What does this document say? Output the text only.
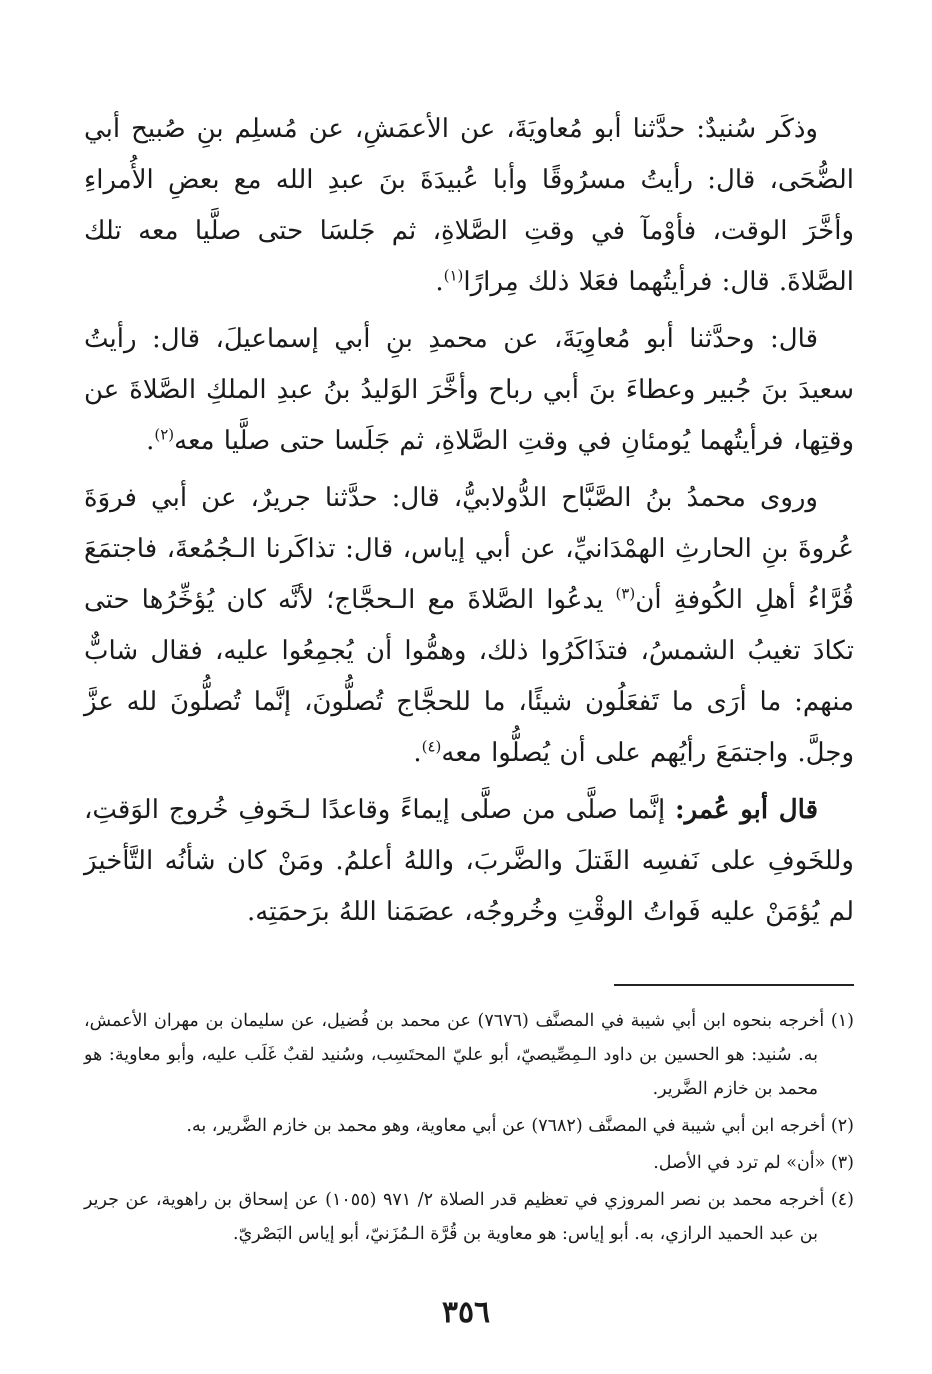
وذكَر سُنيدٌ: حدَّثنا أبو مُعاويَةَ، عن الأعمَشِ، عن مُسلِم بنِ صُبيح أبي الضُّحَى، قال: رأيتُ مسرُوقًا وأبا عُبيدَةَ بنَ عبدِ الله مع بعضِ الأُمراءِ وأخَّرَ الوقت، فأوْمآ في وقتِ الصَّلاةِ، ثم جَلسَا حتى صلَّيا معه تلك الصَّلاةَ. قال: فرأيتُهما فعَلا ذلك مِرارًا$^{(١)}$.

قال: وحدَّثنا أبو مُعاوِيَةَ، عن محمدِ بنِ أبي إسماعيلَ، قال: رأيتُ سعيدَ بنَ جُبير وعطاءَ بنَ أبي رباح وأخَّرَ الوَليدُ بنُ عبدِ الملكِ الصَّلاةَ عن وقتِها، فرأيتُهما يُومئانِ في وقتِ الصَّلاةِ، ثم جَلَسا حتى صلَّيا معه$^{(٢)}$.

وروى محمدُ بنُ الصَّبَّاح الدُّولابيُّ، قال: حدَّثنا جريرٌ، عن أبي فروَةَ عُروةَ بنِ الحارثِ الهمْدَانيِّ، عن أبي إياس، قال: تذاكَرنا الـجُمُعةَ، فاجتمَعَ قُرَّاءُ أهلِ الكُوفةِ أن$^{(٣)}$ يدعُوا الصَّلاةَ مع الـحجَّاج؛ لأنَّه كان يُؤخِّرُها حتى تكادَ تغيبُ الشمسُ، فتذَاكَرُوا ذلك، وهمُّوا أن يُجمِعُوا عليه، فقال شابٌّ منهم: ما أرَى ما تَفعَلُون شيئًا، ما للحجَّاج تُصلُّونَ، إنَّما تُصلُّونَ لله عزَّ وجلَّ. واجتمَعَ رأيُهم على أن يُصلُّوا معه$^{(٤)}$.

قال أبو عُمر: إنَّما صلَّى من صلَّى إيماءً وقاعدًا لـخَوفِ خُروج الوَقتِ، وللخَوفِ على نَفسِه القَتلَ والضَّربَ، واللهُ أعلمُ. ومَنْ كان شأنُه التَّأخيرَ لم يُؤمَنْ عليه فَواتُ الوقْتِ وخُروجُه، عصَمَنا اللهُ برَحمَتِه.

(١) أخرجه بنحوه ابن أبي شيبة في المصنَّف (٧٦٧٦) عن محمد بن فُضيل، عن سليمان بن مهران الأعمش، به. سُنيد: هو الحسين بن داود الـمِصِّيصيّ، أبو عليّ المحتَسِب، وسُنيد لقبٌ غَلَب عليه، وأبو معاوية: هو محمد بن خازم الضَّرير.

(٢) أخرجه ابن أبي شيبة في المصنَّف (٧٦٨٢) عن أبي معاوية، وهو محمد بن خازم الضَّرير، به.

(٣) «أن» لم ترد في الأصل.

(٤) أخرجه محمد بن نصر المروزي في تعظيم قدر الصلاة ٢/ ٩٧١ (١٠٥٥) عن إسحاق بن راهوية، عن جرير بن عبد الحميد الرازي، به. أبو إياس: هو معاوية بن قُرَّة الـمُزَنيّ، أبو إياس البَصْريّ.

٣٥٦
